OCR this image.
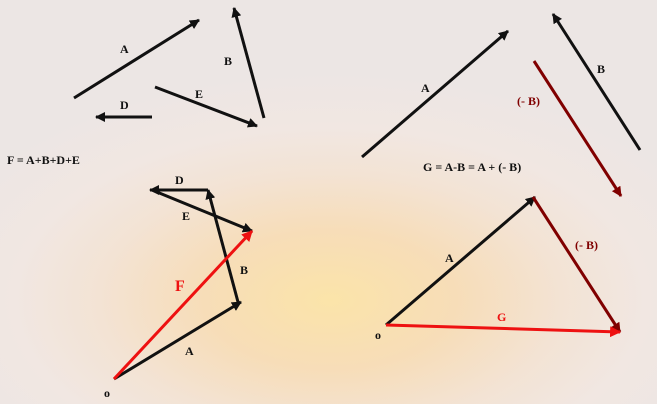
A
B
E
D
F = A+B+D+E
D
E
B
A
F
o
A
B
(- B)
G = A-B = A + (- B)
A
(- B)
G
o
